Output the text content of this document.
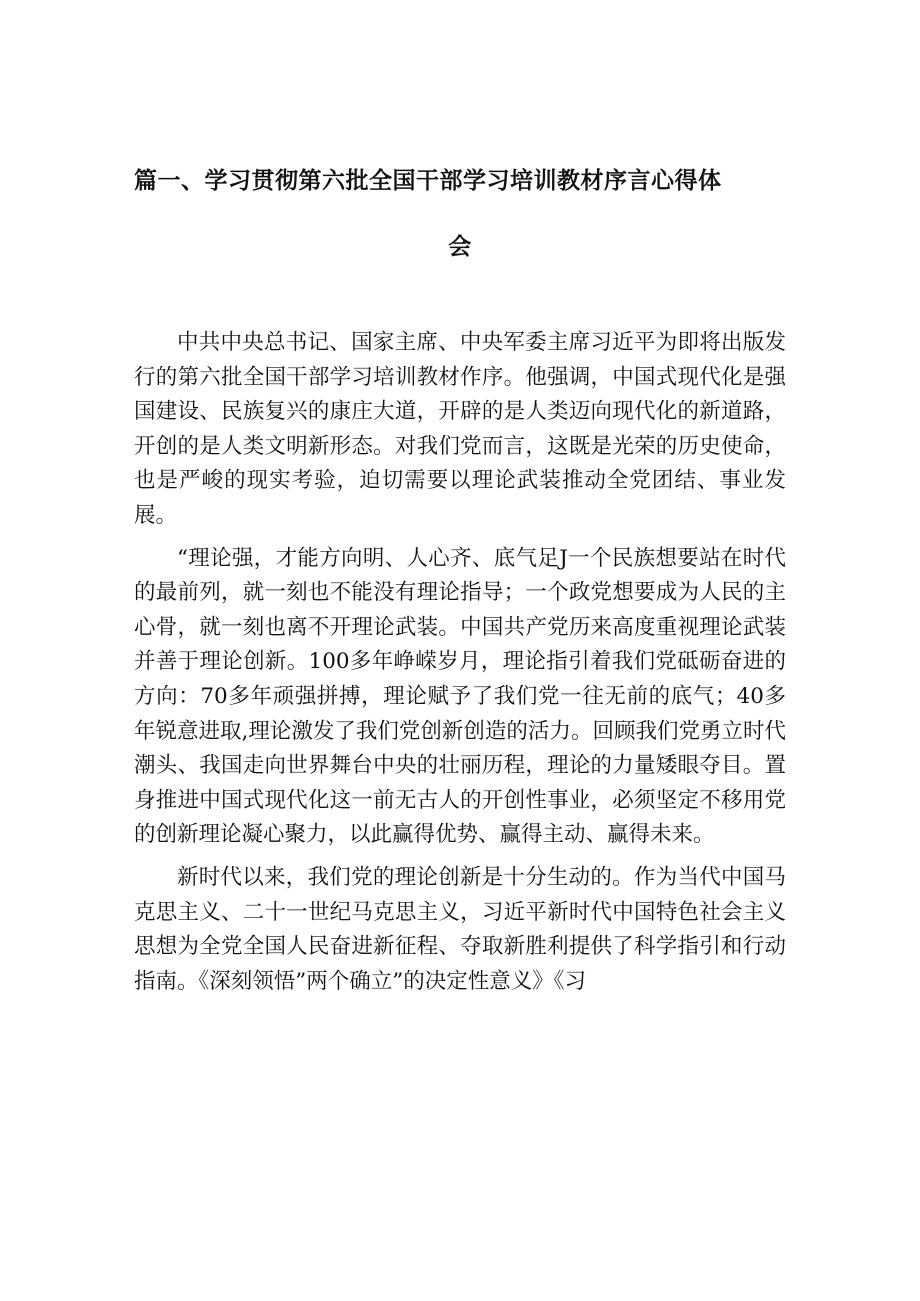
篇一、学习贯彻第六批全国干部学习培训教材序言心得体
会

中共中央总书记、国家主席、中央军委主席习近平为即将出版发行的第六批全国干部学习培训教材作序。他强调，中国式现代化是强国建设、民族复兴的康庄大道，开辟的是人类迈向现代化的新道路，开创的是人类文明新形态。对我们党而言，这既是光荣的历史使命，也是严峻的现实考验，迫切需要以理论武装推动全党团结、事业发展。

“理论强，才能方向明、人心齐、底气足J一个民族想要站在时代的最前列，就一刻也不能没有理论指导；一个政党想要成为人民的主心骨，就一刻也离不开理论武装。中国共产党历来高度重视理论武装并善于理论创新。100多年峥嵘岁月，理论指引着我们党砥砺奋进的方向：70多年顽强拼搏，理论赋予了我们党一往无前的底气；40多年锐意进取,理论激发了我们党创新创造的活力。回顾我们党勇立时代潮头、我国走向世界舞台中央的壮丽历程，理论的力量矮眼夺目。置身推进中国式现代化这一前无古人的开创性事业，必须坚定不移用党的创新理论凝心聚力，以此赢得优势、赢得主动、赢得未来。

新时代以来，我们党的理论创新是十分生动的。作为当代中国马克思主义、二十一世纪马克思主义，习近平新时代中国特色社会主义思想为全党全国人民奋进新征程、夺取新胜利提供了科学指引和行动指南。《深刻领悟”两个确立”的决定性意义》《习
